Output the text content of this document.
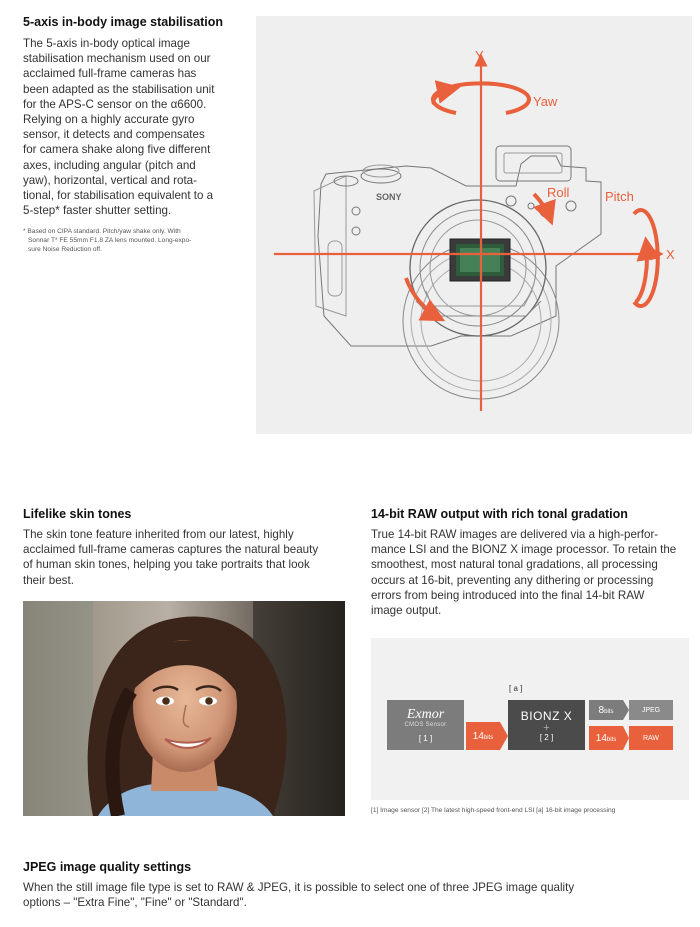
5-axis in-body image stabilisation
The 5-axis in-body optical image
stabilisation mechanism used on our
acclaimed full-frame cameras has
been adapted as the stabilisation unit
for the APS-C sensor on the α6600.
Relying on a highly accurate gyro
sensor, it detects and compensates
for camera shake along five different
axes, including angular (pitch and
yaw), horizontal, vertical and rota-
tional, for stabilisation equivalent to a
5-step* faster shutter setting.
* Based on CIPA standard. Pitch/yaw shake only. With
Sonnar T* FE 55mm F1.8 ZA lens mounted. Long-expo-
sure Noise Reduction off.
SONY
Y
X
Yaw
Roll	Pitch
Lifelike skin tones
The skin tone feature inherited from our latest, highly
acclaimed full-frame cameras captures the natural beauty
of human skin tones, helping you take portraits that look
their best.
14-bit RAW output with rich tonal gradation
True 14-bit RAW images are delivered via a high-perfor-
mance LSI and the BIONZ X image processor. To retain the
smoothest, most natural tonal gradations, all processing
occurs at 16-bit, preventing any dithering or processing
errors from being introduced into the final 14-bit RAW
image output.
[ a ]
Exmor
CMOS Sensor
[ 1 ]	14 bits
BIONZ X
+
[ 2 ]
8 bits	JPEG
14 bits	RAW
[1] Image sensor [2] The latest high-speed front-end LSI [a] 16-bit image processing
JPEG image quality settings
When the still image file type is set to RAW & JPEG, it is possible to select one of three JPEG image quality
options – "Extra Fine", "Fine" or "Standard".
